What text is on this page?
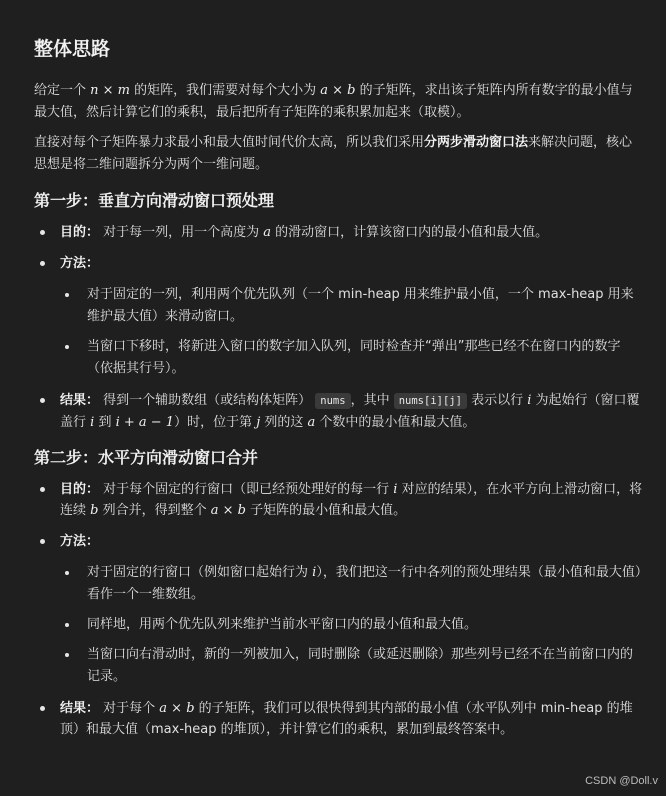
整体思路

给定一个 n × m 的矩阵，我们需要对每个大小为 a × b 的子矩阵，求出该子矩阵内所有数字的最小值与最大值，然后计算它们的乘积，最后把所有子矩阵的乘积累加起来（取模）。

直接对每个子矩阵暴力求最小和最大值时间代价太高，所以我们采用分两步滑动窗口法来解决问题，核心思想是将二维问题拆分为两个一维问题。

第一步：垂直方向滑动窗口预处理
目的： 对于每一列，用一个高度为 a 的滑动窗口，计算该窗口内的最小值和最大值。
方法：
对于固定的一列，利用两个优先队列（一个 min-heap 用来维护最小值，一个 max-heap 用来维护最大值）来滑动窗口。
当窗口下移时，将新进入窗口的数字加入队列，同时检查并“弹出”那些已经不在窗口内的数字（依据其行号）。
结果： 得到一个辅助数组（或结构体矩阵） nums ，其中 nums[i][j] 表示以行 i 为起始行（窗口覆盖行 i 到 i + a − 1）时，位于第 j 列的这 a 个数中的最小值和最大值。
第二步：水平方向滑动窗口合并
目的： 对于每个固定的行窗口（即已经预处理好的每一行 i 对应的结果），在水平方向上滑动窗口，将连续 b 列合并，得到整个 a × b 子矩阵的最小值和最大值。
方法：
对于固定的行窗口（例如窗口起始行为 i），我们把这一行中各列的预处理结果（最小值和最大值）看作一个一维数组。
同样地，用两个优先队列来维护当前水平窗口内的最小值和最大值。
当窗口向右滑动时，新的一列被加入，同时删除（或延迟删除）那些列号已经不在当前窗口内的记录。
结果： 对于每个 a × b 的子矩阵，我们可以很快得到其内部的最小值（水平队列中 min-heap 的堆顶）和最大值（max-heap 的堆顶），并计算它们的乘积，累加到最终答案中。
CSDN @Doll.v
